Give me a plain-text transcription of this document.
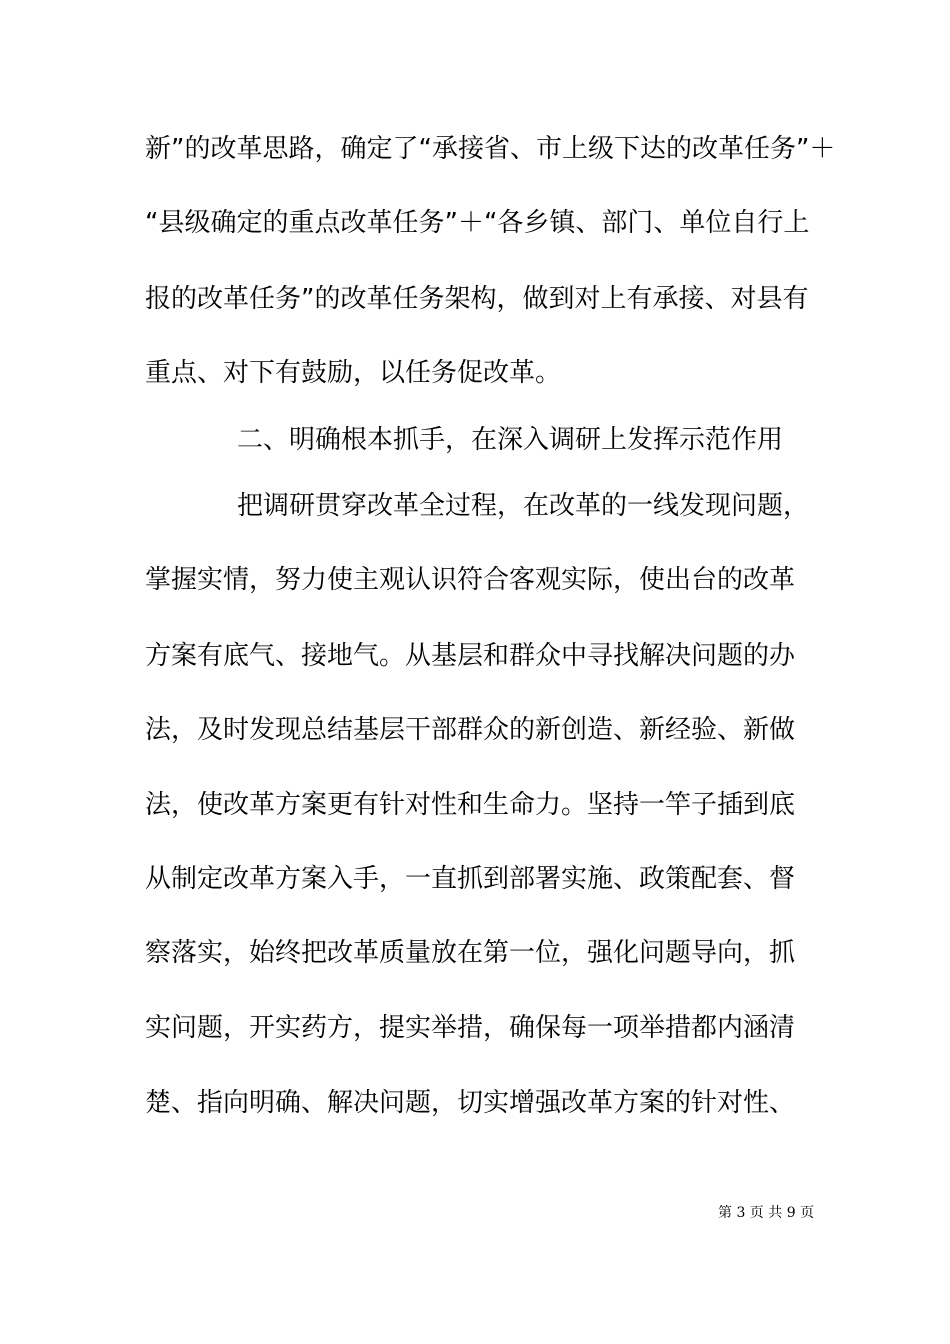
新”的改革思路，确定了“承接省、市上级下达的改革任务”＋
“县级确定的重点改革任务”＋“各乡镇、部门、单位自行上
报的改革任务”的改革任务架构，做到对上有承接、对县有
重点、对下有鼓励，以任务促改革。
二、明确根本抓手，在深入调研上发挥示范作用
把调研贯穿改革全过程，在改革的一线发现问题，
掌握实情，努力使主观认识符合客观实际，使出台的改革
方案有底气、接地气。从基层和群众中寻找解决问题的办
法，及时发现总结基层干部群众的新创造、新经验、新做
法，使改革方案更有针对性和生命力。坚持一竿子插到底
从制定改革方案入手，一直抓到部署实施、政策配套、督
察落实，始终把改革质量放在第一位，强化问题导向，抓
实问题，开实药方，提实举措，确保每一项举措都内涵清
楚、指向明确、解决问题，切实增强改革方案的针对性、
第 3 页 共 9 页
